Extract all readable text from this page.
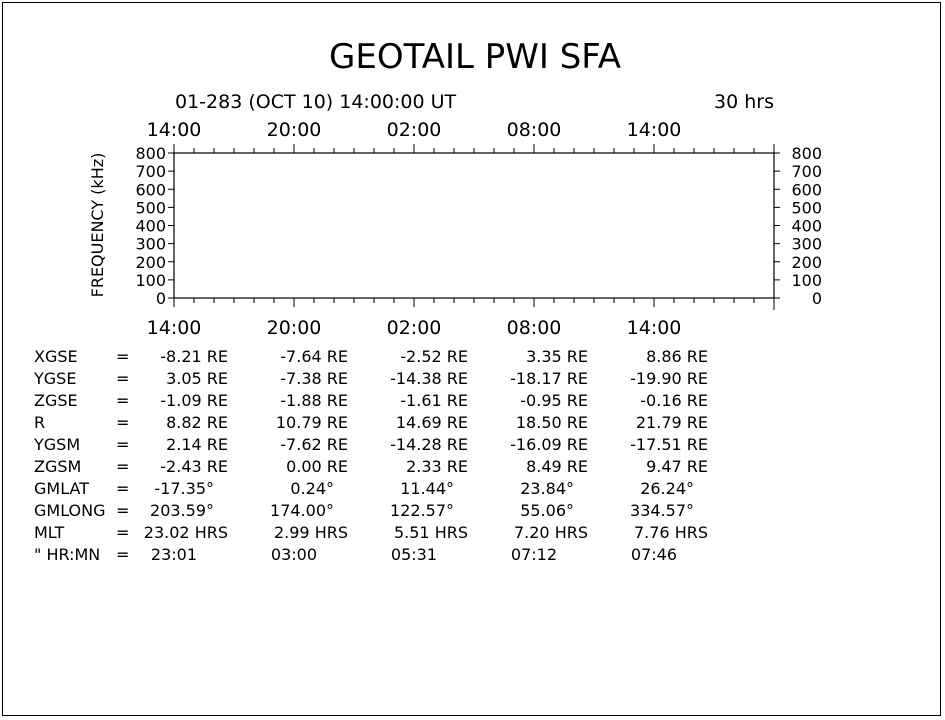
GEOTAIL PWI SFA
01-283 (OCT 10) 14:00:00 UT	30 hrs
FREQUENCY (kHz)
0	0
100	100
200	200
300	300
400	400
500	500
600	600
700	700
800	800
14:00
14:00
20:00
20:00
02:00
02:00
08:00
08:00
14:00
14:00
XGSE = -8.21 RE	-7.64 RE	-2.52 RE	3.35 RE	8.86 RE
YGSE = 3.05 RE	-7.38 RE	-14.38 RE	-18.17 RE	-19.90 RE
ZGSE = -1.09 RE	-1.88 RE	-1.61 RE	-0.95 RE	-0.16 RE
R	= 8.82 RE	10.79 RE	14.69 RE	18.50 RE	21.79 RE
YGSM = 2.14 RE	-7.62 RE	-14.28 RE	-16.09 RE	-17.51 RE
ZGSM = -2.43 RE	0.00 RE	2.33 RE	8.49 RE	9.47 RE
GMLAT = -17.35°	0.24°	11.44°	23.84°	26.24°
GMLONG = 203.59°	174.00°	122.57°	55.06°	334.57°
MLT	= 23.02 HRS	2.99 HRS	5.51 HRS	7.20 HRS	7.76 HRS
" HR:MN = 23:01	03:00	05:31	07:12	07:46
